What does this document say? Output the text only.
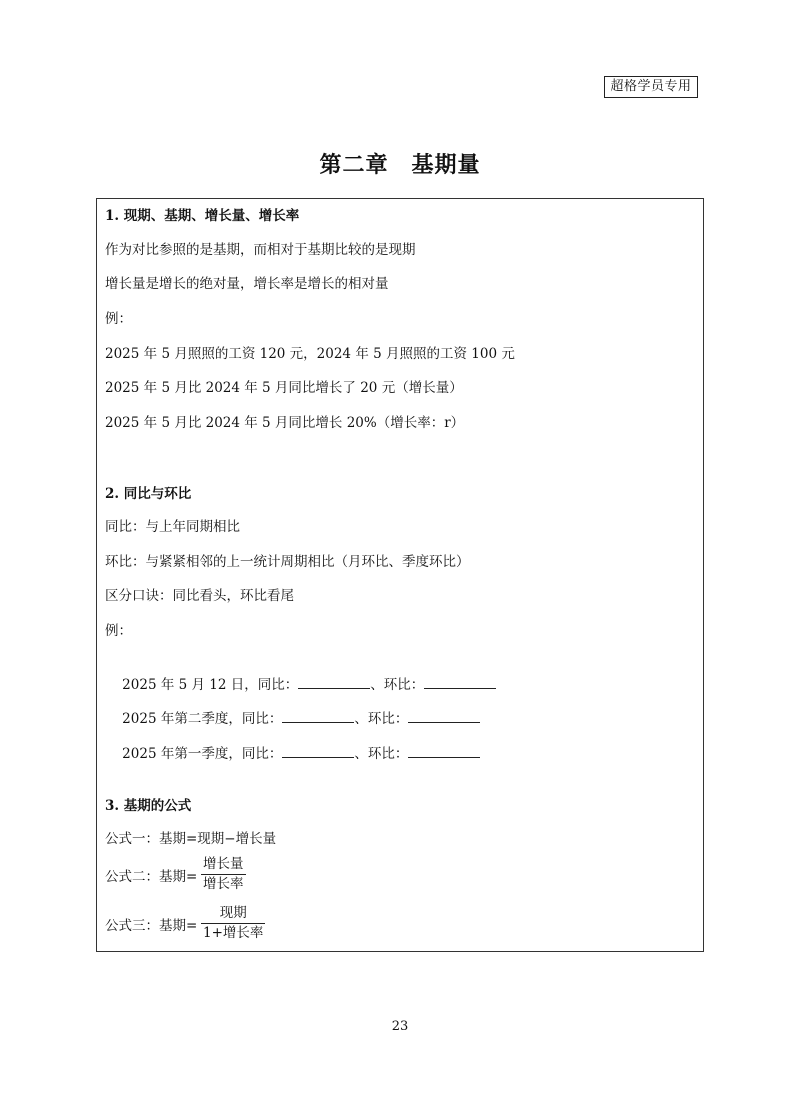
超格学员专用
第二章　基期量
1. 现期、基期、增长量、增长率
作为对比参照的是基期，而相对于基期比较的是现期
增长量是增长的绝对量，增长率是增长的相对量
例：
2025 年 5 月照照的工资 120 元，2024 年 5 月照照的工资 100 元
2025 年 5 月比 2024 年 5 月同比增长了 20 元（增长量）
2025 年 5 月比 2024 年 5 月同比增长 20%（增长率：r）
2. 同比与环比
同比：与上年同期相比
环比：与紧紧相邻的上一统计周期相比（月环比、季度环比）
区分口诀：同比看头，环比看尾
例：

2025 年 5 月 12 日，同比：	、环比：

2025 年第二季度，同比：	、环比：

2025 年第一季度，同比：	、环比：

3. 基期的公式
公式一：基期=现期−增长量
公式二：基期=
增长量
增长率
公式三：基期=
现期
1+增长率
23
